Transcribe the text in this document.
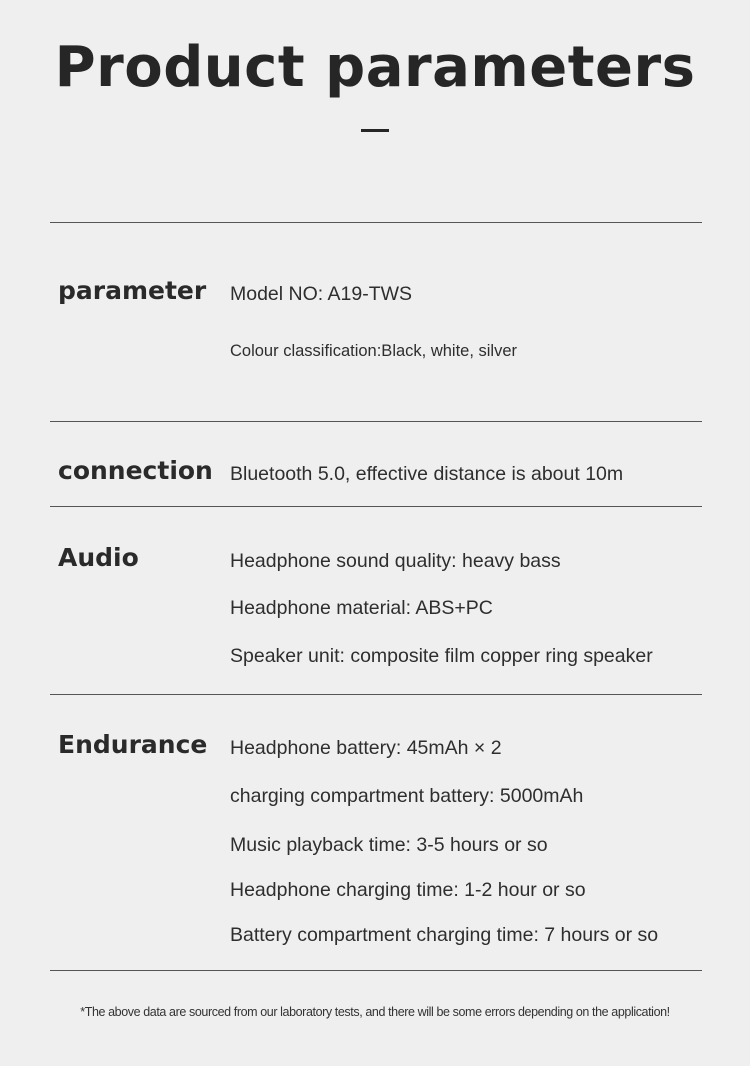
Product parameters
parameter Model NO: A19-TWS
Colour classification:Black, white, silver
connection Bluetooth 5.0, effective distance is about 10m
Audio	Headphone sound quality: heavy bass
Headphone material: ABS+PC
Speaker unit: composite film copper ring speaker
Endurance Headphone battery: 45mAh × 2
charging compartment battery: 5000mAh
Music playback time: 3-5 hours or so
Headphone charging time: 1-2 hour or so
Battery compartment charging time: 7 hours or so
*The above data are sourced from our laboratory tests, and there will be some errors depending on the application!
